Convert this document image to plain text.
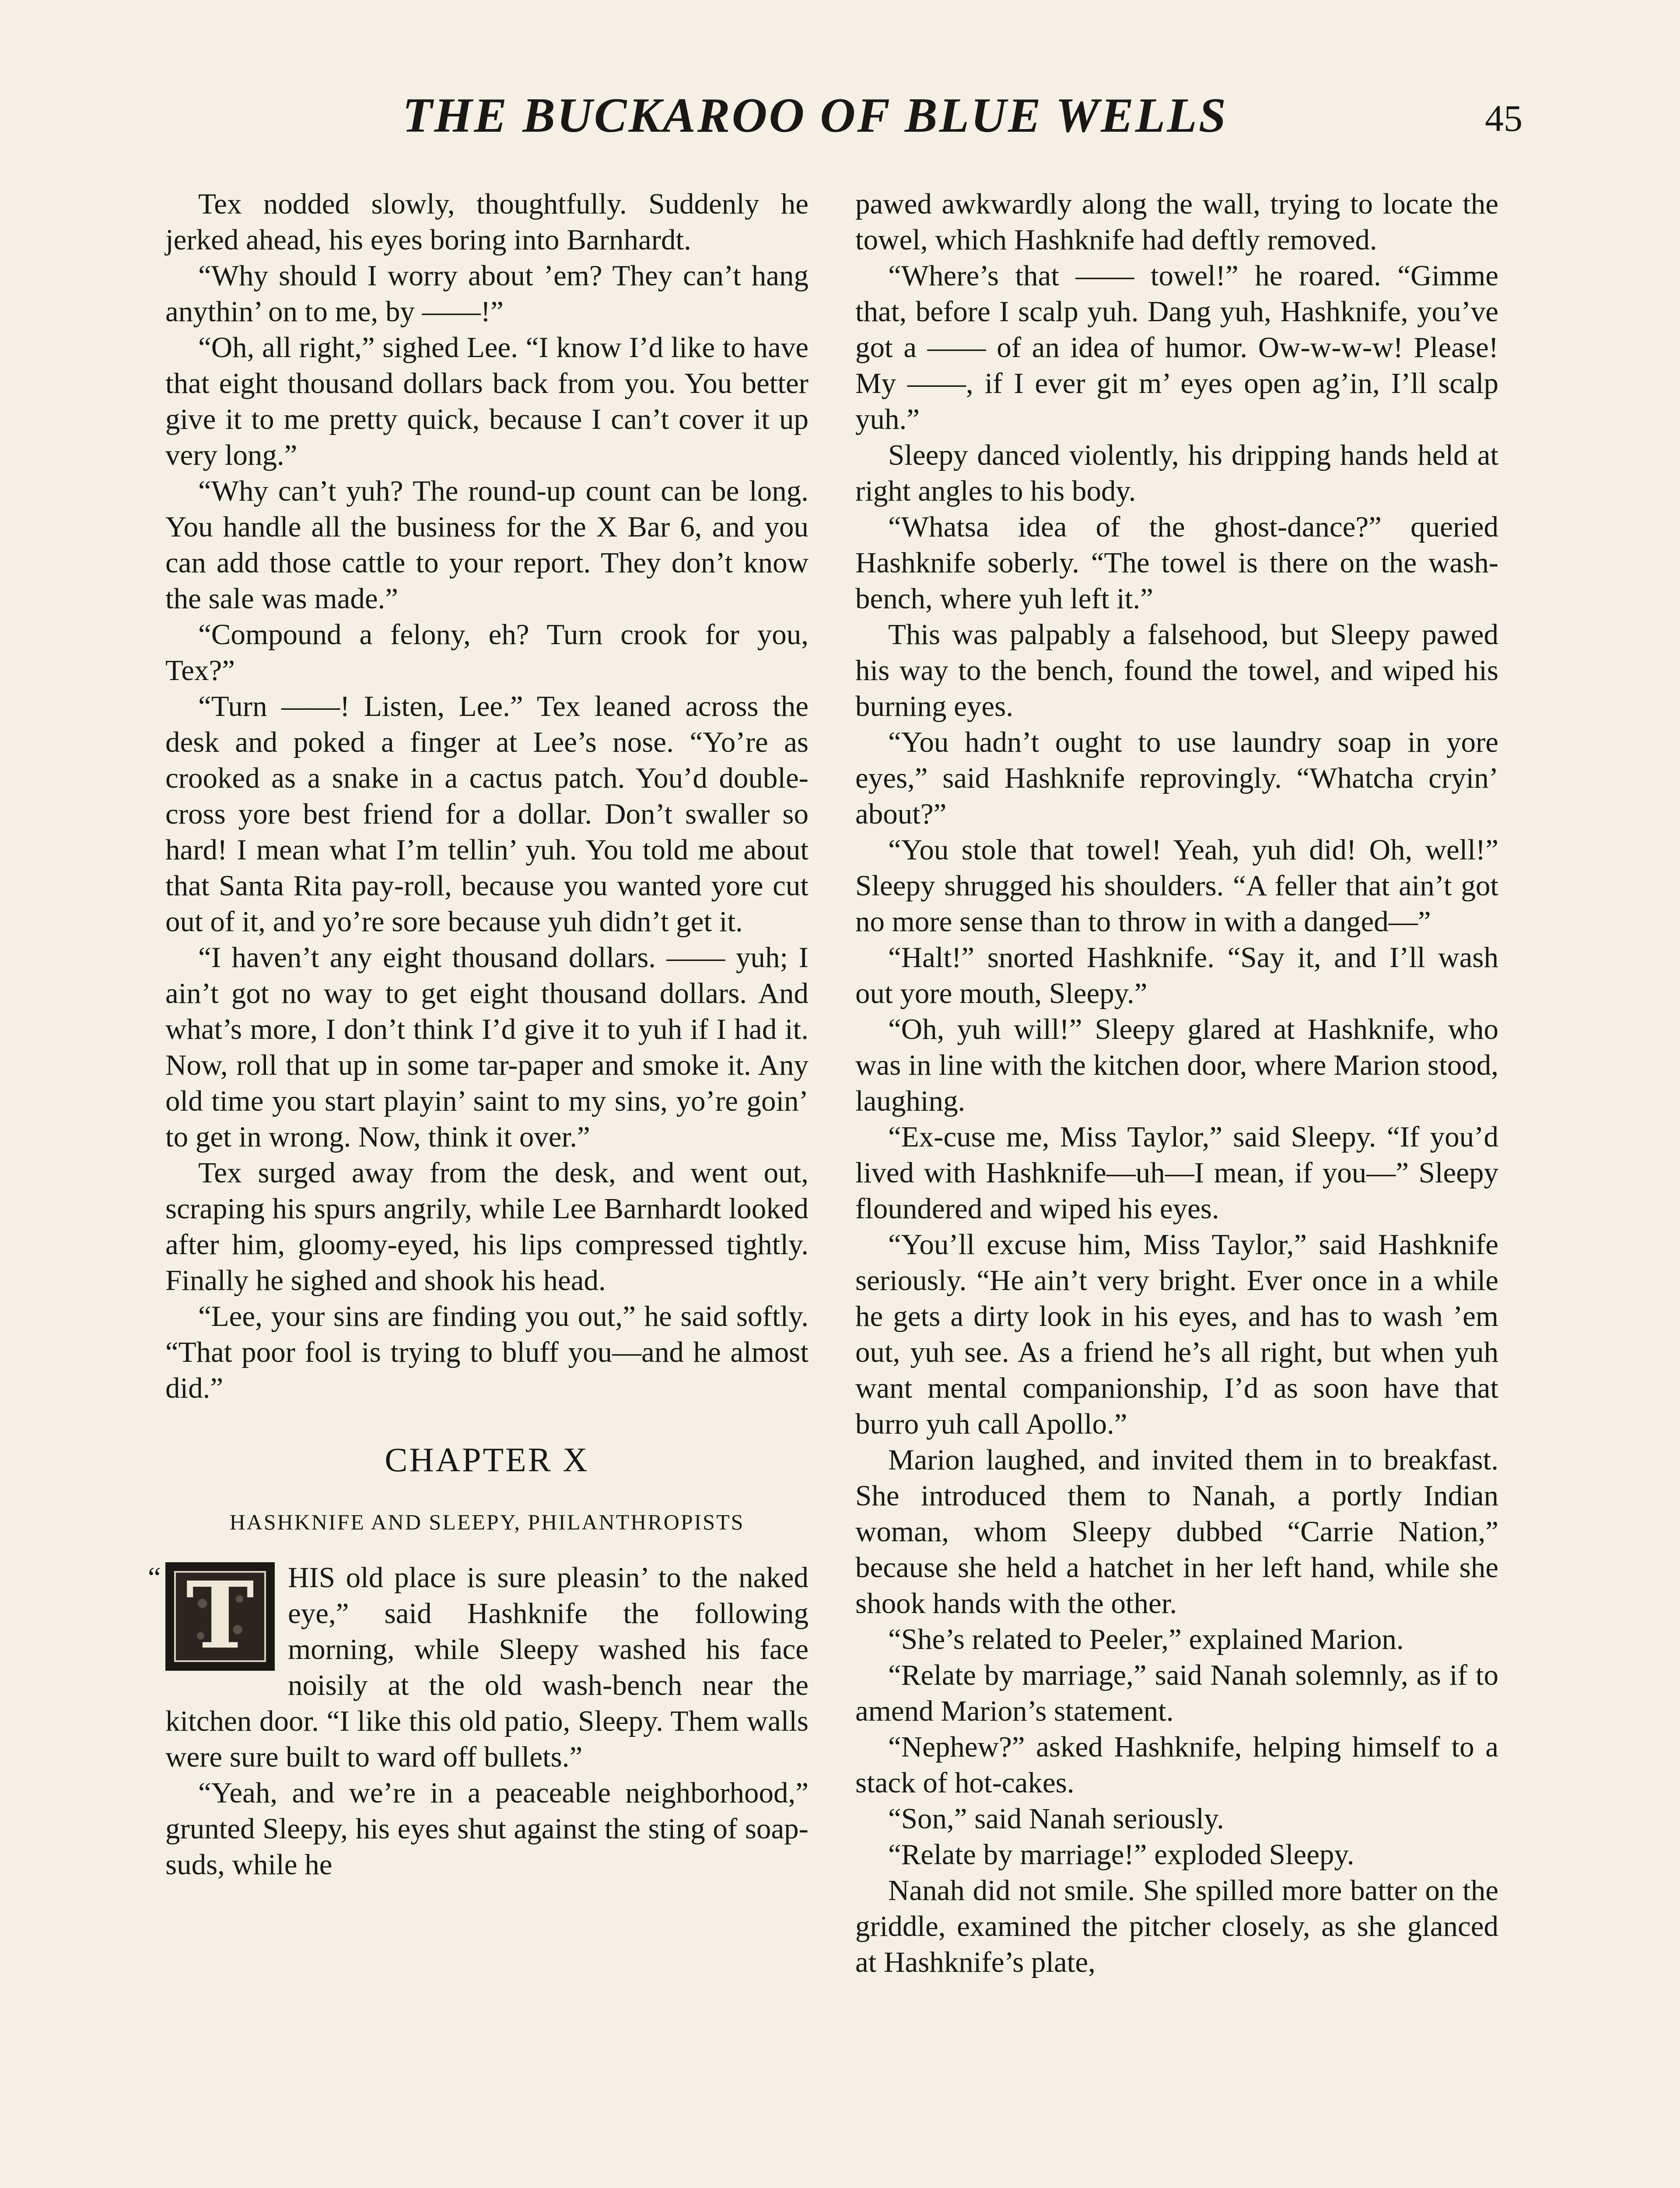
THE BUCKAROO OF BLUE WELLS	45

Tex nodded slowly, thoughtfully. Suddenly he jerked ahead, his eyes boring into Barnhardt.

“Why should I worry about ’em? They can’t hang anythin’ on to me, by ——!”

“Oh, all right,” sighed Lee. “I know I’d like to have that eight thousand dollars back from you. You better give it to me pretty quick, because I can’t cover it up very long.”

“Why can’t yuh? The round-up count can be long. You handle all the business for the X Bar 6, and you can add those cattle to your report. They don’t know the sale was made.”

“Compound a felony, eh? Turn crook for you, Tex?”

“Turn ——! Listen, Lee.” Tex leaned across the desk and poked a finger at Lee’s nose. “Yo’re as crooked as a snake in a cactus patch. You’d double-cross yore best friend for a dollar. Don’t swaller so hard! I mean what I’m tellin’ yuh. You told me about that Santa Rita pay-roll, because you wanted yore cut out of it, and yo’re sore because yuh didn’t get it.

“I haven’t any eight thousand dollars. —— yuh; I ain’t got no way to get eight thousand dollars. And what’s more, I don’t think I’d give it to yuh if I had it. Now, roll that up in some tar-paper and smoke it. Any old time you start playin’ saint to my sins, yo’re goin’ to get in wrong. Now, think it over.”

Tex surged away from the desk, and went out, scraping his spurs angrily, while Lee Barnhardt looked after him, gloomy-eyed, his lips compressed tightly. Finally he sighed and shook his head.

“Lee, your sins are finding you out,” he said softly. “That poor fool is trying to bluff you—and he almost did.”

CHAPTER X
HASHKNIFE AND SLEEPY, PHILANTHROPISTS
“ T	HIS old place is sure pleasin’ to the naked eye,” said Hashknife the following morning, while Sleepy washed his face noisily at the old wash-bench near the kitchen door. “I like this old patio, Sleepy. Them walls were sure built to ward off bullets.”

“Yeah, and we’re in a peaceable neighborhood,” grunted Sleepy, his eyes shut against the sting of soap-suds, while he

pawed awkwardly along the wall, trying to locate the towel, which Hashknife had deftly removed.

“Where’s that —— towel!” he roared. “Gimme that, before I scalp yuh. Dang yuh, Hashknife, you’ve got a —— of an idea of humor. Ow-w-w-w! Please! My ——, if I ever git m’ eyes open ag’in, I’ll scalp yuh.”

Sleepy danced violently, his dripping hands held at right angles to his body.

“Whatsa idea of the ghost-dance?” queried Hashknife soberly. “The towel is there on the wash-bench, where yuh left it.”

This was palpably a falsehood, but Sleepy pawed his way to the bench, found the towel, and wiped his burning eyes.

“You hadn’t ought to use laundry soap in yore eyes,” said Hashknife reprovingly. “Whatcha cryin’ about?”

“You stole that towel! Yeah, yuh did! Oh, well!” Sleepy shrugged his shoulders. “A feller that ain’t got no more sense than to throw in with a danged—”

“Halt!” snorted Hashknife. “Say it, and I’ll wash out yore mouth, Sleepy.”

“Oh, yuh will!” Sleepy glared at Hashknife, who was in line with the kitchen door, where Marion stood, laughing.

“Ex-cuse me, Miss Taylor,” said Sleepy. “If you’d lived with Hashknife—uh—I mean, if you—” Sleepy floundered and wiped his eyes.

“You’ll excuse him, Miss Taylor,” said Hashknife seriously. “He ain’t very bright. Ever once in a while he gets a dirty look in his eyes, and has to wash ’em out, yuh see. As a friend he’s all right, but when yuh want mental companionship, I’d as soon have that burro yuh call Apollo.”

Marion laughed, and invited them in to breakfast. She introduced them to Nanah, a portly Indian woman, whom Sleepy dubbed “Carrie Nation,” because she held a hatchet in her left hand, while she shook hands with the other.

“She’s related to Peeler,” explained Marion.

“Relate by marriage,” said Nanah solemnly, as if to amend Marion’s statement.

“Nephew?” asked Hashknife, helping himself to a stack of hot-cakes.

“Son,” said Nanah seriously.

“Relate by marriage!” exploded Sleepy.

Nanah did not smile. She spilled more batter on the griddle, examined the pitcher closely, as she glanced at Hashknife’s plate,
